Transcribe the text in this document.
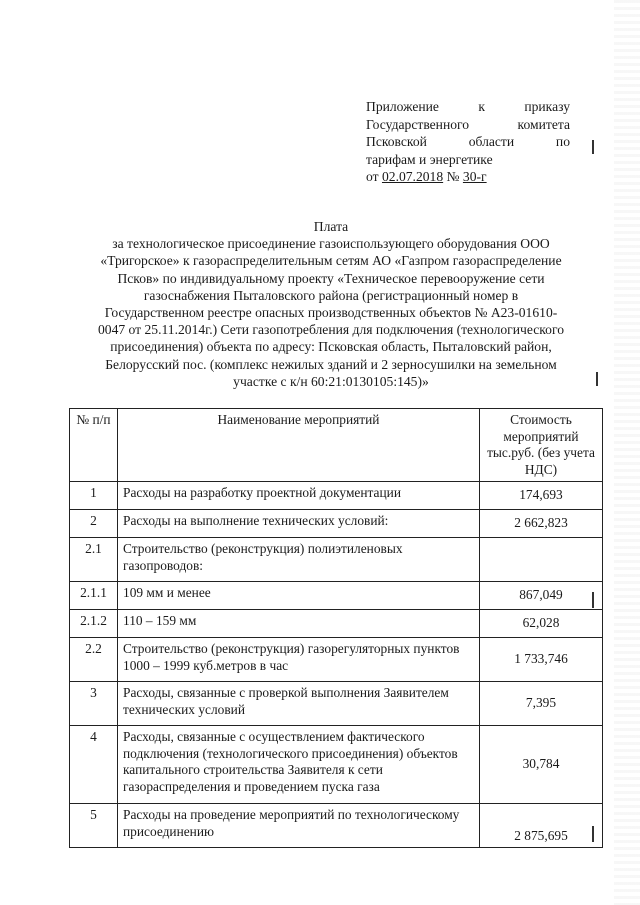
Приложение к приказу
Государственного комитета
Псковской области по
тарифам и энергетике
от 02.07.2018 № 30-г
Плата
за технологическое присоединение газоиспользующего оборудования ООО «Тригорское» к газораспределительным сетям АО «Газпром газораспределение Псков» по индивидуальному проекту «Техническое перевооружение сети газоснабжения Пыталовского района (регистрационный номер в Государственном реестре опасных производственных объектов № А23-01610-0047 от 25.11.2014г.) Сети газопотребления для подключения (технологического присоединения) объекта по адресу: Псковская область, Пыталовский район, Белорусский пос. (комплекс нежилых зданий и 2 зерносушилки на земельном участке с к/н 60:21:0130105:145)»
№ п/п	Наименование мероприятий	Стоимость мероприятий тыс.руб. (без учета НДС)
1	Расходы на разработку проектной документации	174,693
2	Расходы на выполнение технических условий:	2 662,823
2.1	Строительство (реконструкция) полиэтиленовых газопроводов:	
2.1.1	109 мм и менее	867,049
2.1.2	110 – 159 мм	62,028
2.2	Строительство (реконструкция) газорегуляторных пунктов 1000 – 1999 куб.метров в час	1 733,746
3	Расходы, связанные с проверкой выполнения Заявителем технических условий	7,395
4	Расходы, связанные с осуществлением фактического подключения (технологического присоединения) объектов капитального строительства Заявителя к сети газораспределения и проведением пуска газа	30,784
5	Расходы на проведение мероприятий по технологическому присоединению	2 875,695
